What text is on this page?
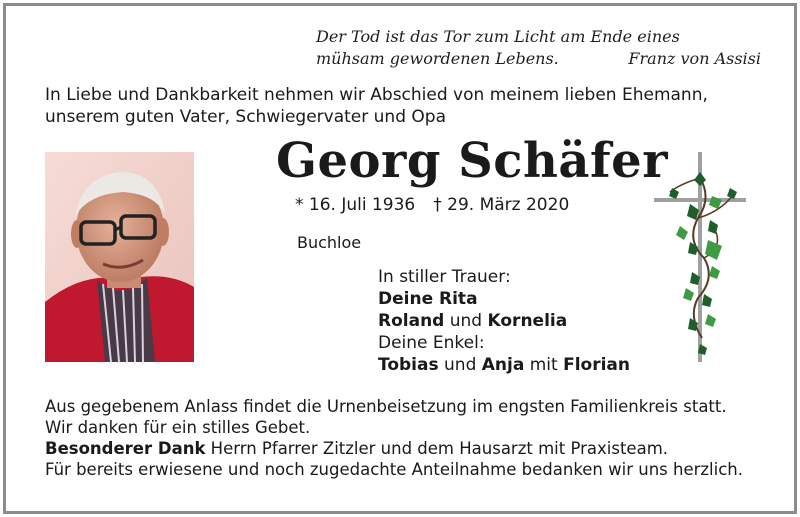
Der Tod ist das Tor zum Licht am Ende eines
mühsam gewordenen Lebens.	Franz von Assisi
In Liebe und Dankbarkeit nehmen wir Abschied von meinem lieben Ehemann,
unserem guten Vater, Schwiegervater und Opa
Georg Schäfer
* 16. Juli 1936 † 29. März 2020
Buchloe
In stiller Trauer:
Deine Rita
Roland und Kornelia
Deine Enkel:
Tobias und Anja mit Florian
Aus gegebenem Anlass findet die Urnenbeisetzung im engsten Familienkreis statt.
Wir danken für ein stilles Gebet.
Besonderer Dank Herrn Pfarrer Zitzler und dem Hausarzt mit Praxisteam.
Für bereits erwiesene und noch zugedachte Anteilnahme bedanken wir uns herzlich.
